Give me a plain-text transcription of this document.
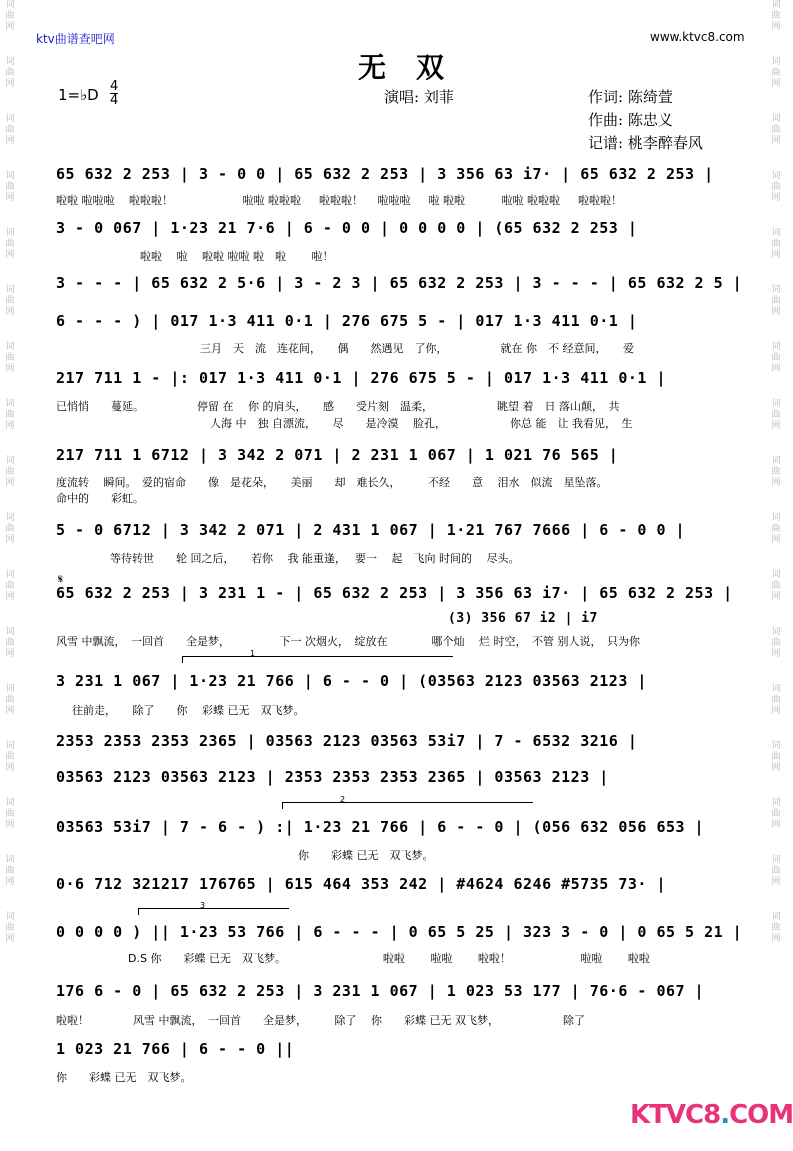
词
曲
网
词
曲
网
词
曲
网
词
曲
网
词
曲
网
词
曲
网
词
曲
网
词
曲
网
词
曲
网
词
曲
网
词
曲
网
词
曲
网
词
曲
网
词
曲
网
词
曲
网
词
曲
网
词
曲
网
词
曲
网
词
曲
网
词
曲
网
词
曲
网
词
曲
网
词
曲
网
词
曲
网
词
曲
网
词
曲
网
词
曲
网
词
曲
网
词
曲
网
词
曲
网
词
曲
网
词
曲
网
词
曲
网
词
曲
网
ktv曲谱查吧网	www.ktvc8.com
无双
1=♭D 4
4	演唱: 刘菲	作词: 陈绮萱
作曲: 陈忠义
记谱: 桃李醉春风
65 632 2 253 | 3 - 0 0 | 65 632 2 253 | 3 356 63 i7· | 65 632 2 253 |
啦啦 啦啦啦　 啦啦啦！　　　　　　 啦啦 啦啦啦 　 啦啦啦！　 啦啦啦 　 啦 啦啦　　　 啦啦 啦啦啦 　 啦啦啦！
3 - 0 067 | 1·23 21 7·6 | 6 - 0 0 | 0 0 0 0 | (65 632 2 253 |
啦啦　 啦　 啦啦 啦啦 啦　啦　　 啦！
3 - - - | 65 632 2 5·6 | 3 - 2 3 | 65 632 2 253 | 3 - - - | 65 632 2 5 |
6 - - - ) | 017 1·3 411 0·1 | 276 675 5 - | 017 1·3 411 0·1 |
三月　天　流　连花间，　　偶　　然遇见　了你，　　　　　 就在 你　不 经意间，　　爱
217 711 1 - |: 017 1·3 411 0·1 | 276 675 5 - | 017 1·3 411 0·1 |
已悄悄　　蔓延。　　　　　 停留 在　 你 的肩头，　　感　　受片刻　温柔，　　　　　　 眺望 着　日 落山颠，　共
　　　　　　　　　　　　　　人海 中　独 自漂流，　　尽　　是冷漠　 脸孔，　　　　　　 你总 能　让 我看见，　生
217 711 1 6712 | 3 342 2 071 | 2 231 1 067 | 1 021 76 565 |
度流转　 瞬间。　爱的宿命　　像　是花朵，　　美丽　　却　难长久，　　　不经　　意　 泪水　似流　星坠落。
命中的　　彩虹。
5 - 0 6712 | 3 342 2 071 | 2 431 1 067 | 1·21 767 7666 | 6 - 0 0 |
等待转世　　轮 回之后，　　若你　 我 能重逢，　 要一　 起　飞向 时间的　 尽头。
𝄋
65 632 2 253 | 3 231 1 - | 65 632 2 253 | 3 356 63 i7· | 65 632 2 253 |
(3) 356 67 i2 | i7
风雪 中飘流，　一回首　　全是梦，　　　　　下一 次烟火，　绽放在　　　　哪个灿　 烂 时空，　不管 别人说，　只为你
1
3 231 1 067 | 1·23 21 766 | 6 - - 0 | (03563 2123 03563 2123 |
往前走，　　除了　　你　 彩蝶 已无　双飞梦。
2353 2353 2353 2365 | 03563 2123 03563 53i7 | 7 - 6532 3216 |
03563 2123 03563 2123 | 2353 2353 2353 2365 | 03563 2123 |
2
03563 53i7 | 7 - 6 - ) :| 1·23 21 766 | 6 - - 0 | (056 632 056 653 |
你　　彩蝶 已无　双飞梦。
0·6 712 321217 176765 | 615 464 353 242 | #4624 6246 #5735 73· |
3
0 0 0 0 ) || 1·23 53 766 | 6 - - - | 0 65 5 25 | 323 3 - 0 | 0 65 5 21 |
D.S 你　　彩蝶 已无　双飞梦。　　　　　　　　　 啦啦　　 啦啦　　 啦啦！　　　　　　 啦啦　　 啦啦
176 6 - 0 | 65 632 2 253 | 3 231 1 067 | 1 023 53 177 | 76·6 - 067 |
啦啦！　　　　风雪 中飘流，　一回首　　全是梦，　　　除了　 你　　彩蝶 已无 双飞梦，　　　　　　 除了
1 023 21 766 | 6 - - 0 ||
你　　彩蝶 已无　双飞梦。
KTVC8.COM
